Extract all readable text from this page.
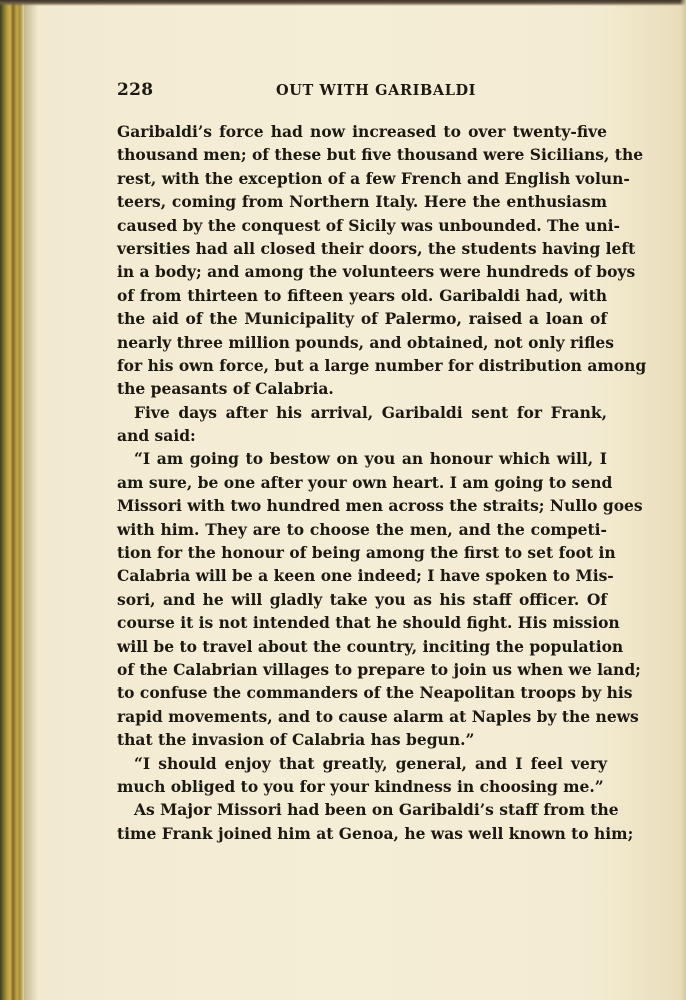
228	OUT WITH GARIBALDI
Garibaldi’s force had now increased to over twenty-five
thousand men; of these but five thousand were Sicilians, the
rest, with the exception of a few French and English volun-
teers, coming from Northern Italy. Here the enthusiasm
caused by the conquest of Sicily was unbounded. The uni-
versities had all closed their doors, the students having left
in a body; and among the volunteers were hundreds of boys
of from thirteen to fifteen years old. Garibaldi had, with
the aid of the Municipality of Palermo, raised a loan of
nearly three million pounds, and obtained, not only rifles
for his own force, but a large number for distribution among
the peasants of Calabria.
Five days after his arrival, Garibaldi sent for Frank,
and said:
“I am going to bestow on you an honour which will, I
am sure, be one after your own heart. I am going to send
Missori with two hundred men across the straits; Nullo goes
with him. They are to choose the men, and the competi-
tion for the honour of being among the first to set foot in
Calabria will be a keen one indeed; I have spoken to Mis-
sori, and he will gladly take you as his staff officer. Of
course it is not intended that he should fight. His mission
will be to travel about the country, inciting the population
of the Calabrian villages to prepare to join us when we land;
to confuse the commanders of the Neapolitan troops by his
rapid movements, and to cause alarm at Naples by the news
that the invasion of Calabria has begun.”
“I should enjoy that greatly, general, and I feel very
much obliged to you for your kindness in choosing me.”
As Major Missori had been on Garibaldi’s staff from the
time Frank joined him at Genoa, he was well known to him;
